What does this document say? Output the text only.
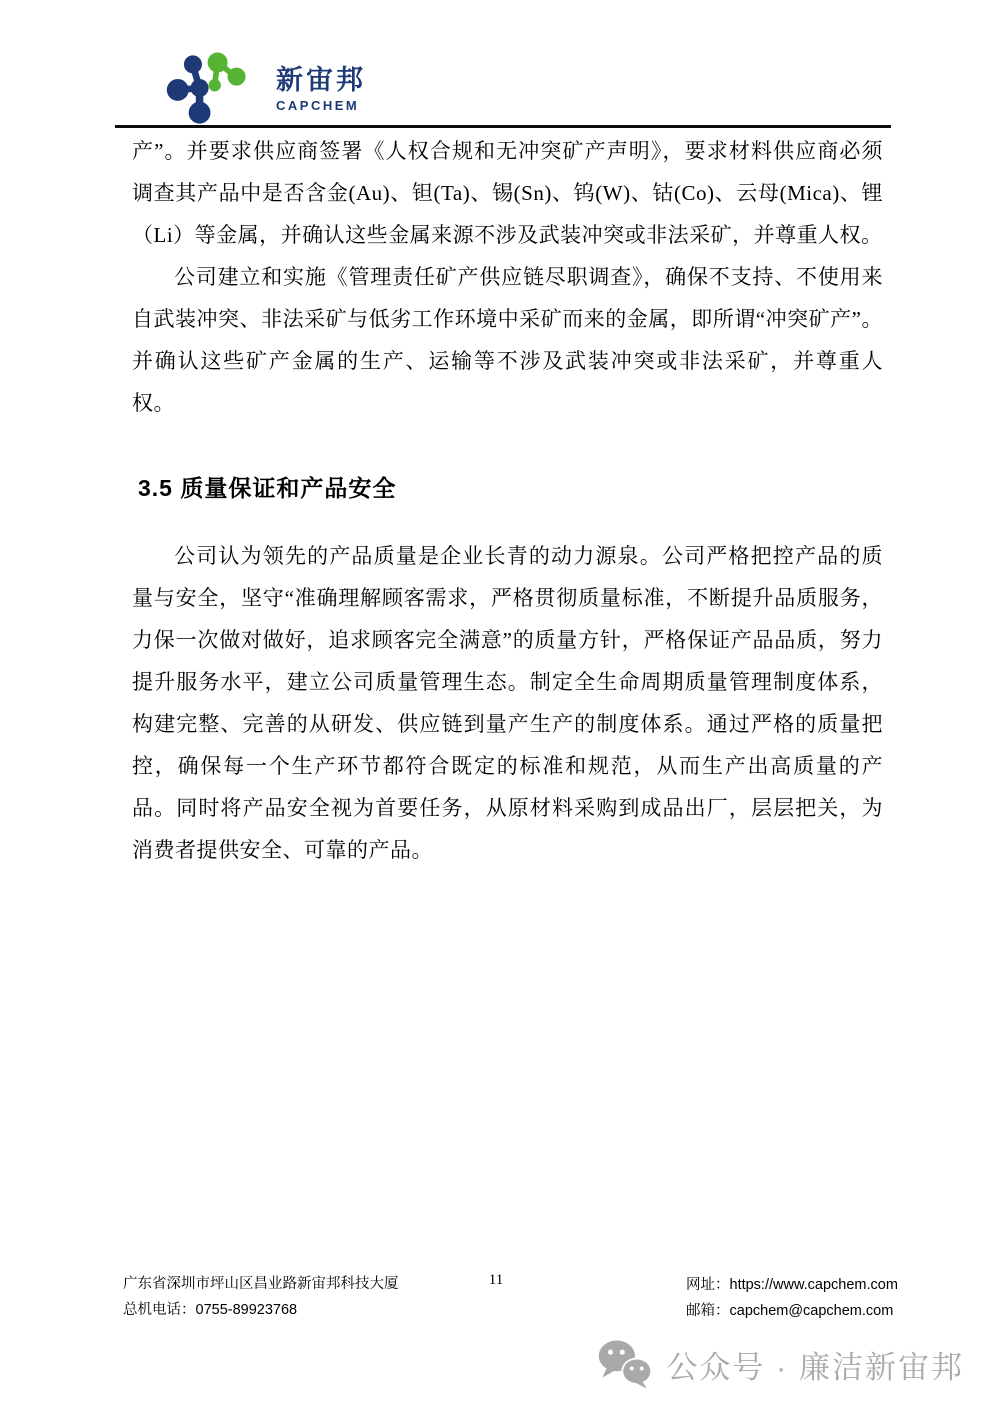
新宙邦
CAPCHEM

产”。并要求供应商签署《人权合规和无冲突矿产声明》，要求材料供应商必须调查其产品中是否含金(Au)、钽(Ta)、锡(Sn)、钨(W)、钴(Co)、云母(Mica)、锂（Li）等金属，并确认这些金属来源不涉及武装冲突或非法采矿，并尊重人权。

公司建立和实施《管理责任矿产供应链尽职调查》，确保不支持、不使用来自武装冲突、非法采矿与低劣工作环境中采矿而来的金属，即所谓“冲突矿产”。并确认这些矿产金属的生产、运输等不涉及武装冲突或非法采矿，并尊重人权。

3.5 质量保证和产品安全

公司认为领先的产品质量是企业长青的动力源泉。公司严格把控产品的质量与安全，坚守“准确理解顾客需求，严格贯彻质量标准，不断提升品质服务，力保一次做对做好，追求顾客完全满意”的质量方针，严格保证产品品质，努力提升服务水平，建立公司质量管理生态。制定全生命周期质量管理制度体系，构建完整、完善的从研发、供应链到量产生产的制度体系。通过严格的质量把控，确保每一个生产环节都符合既定的标准和规范，从而生产出高质量的产品。同时将产品安全视为首要任务，从原材料采购到成品出厂，层层把关，为消费者提供安全、可靠的产品。

广东省深圳市坪山区昌业路新宙邦科技大厦
总机电话：0755-89923768
11	网址：https://www.capchem.com
邮箱：capchem@capchem.com
公众号 · 廉洁新宙邦
